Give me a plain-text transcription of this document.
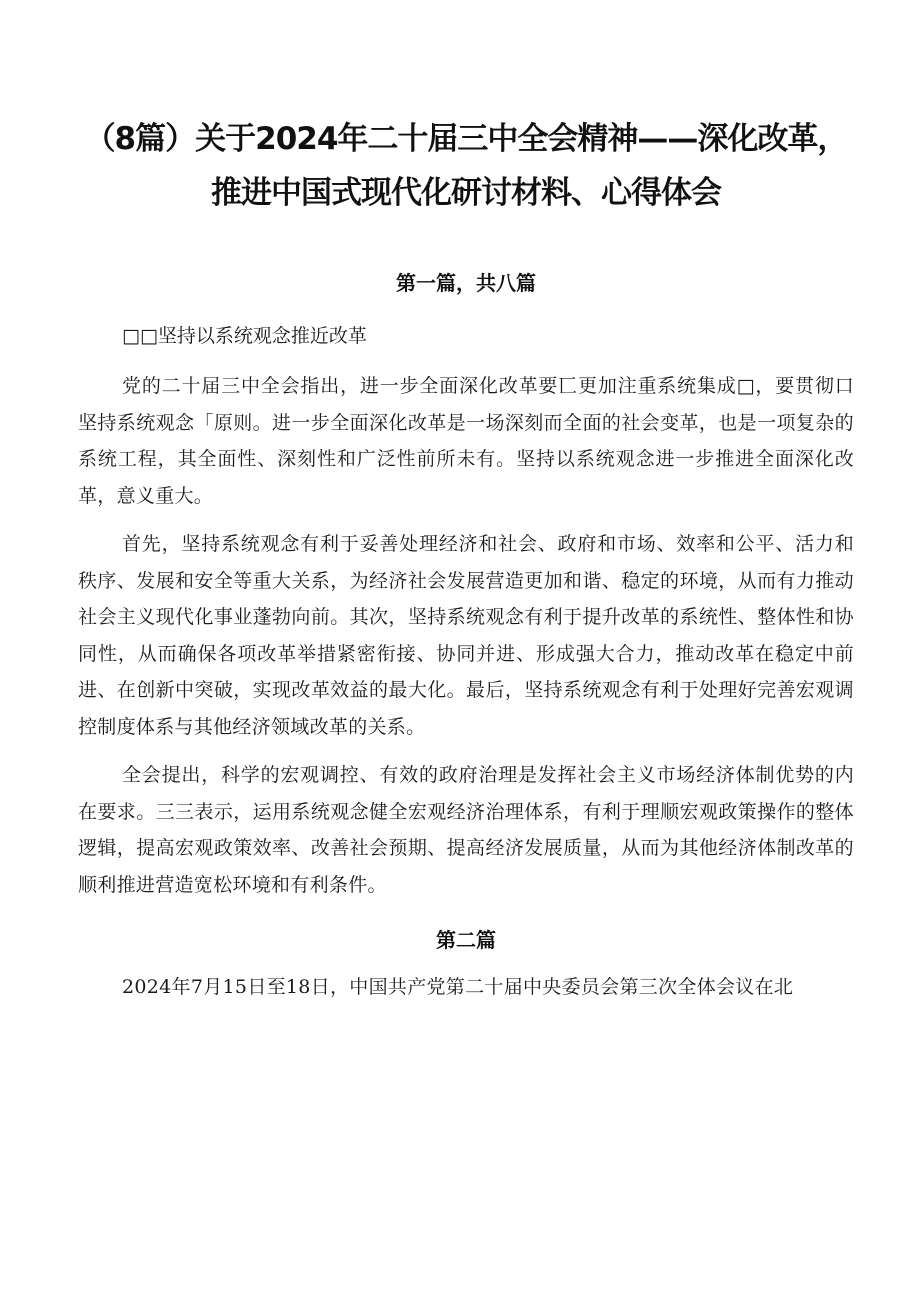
（8篇）关于2024年二十届三中全会精神——深化改革，推进中国式现代化研讨材料、心得体会
第一篇，共八篇

□□坚持以系统观念推近改革

党的二十届三中全会指出，进一步全面深化改革要匸更加注重系统集成□，要贯彻口坚持系统观念「原则。进一步全面深化改革是一场深刻而全面的社会变革，也是一项复杂的系统工程，其全面性、深刻性和广泛性前所未有。坚持以系统观念进一步推进全面深化改革，意义重大。

首先，坚持系统观念有利于妥善处理经济和社会、政府和市场、效率和公平、活力和秩序、发展和安全等重大关系，为经济社会发展营造更加和谐、稳定的环境，从而有力推动社会主义现代化事业蓬勃向前。其次，坚持系统观念有利于提升改革的系统性、整体性和协同性，从而确保各项改革举措紧密衔接、协同并进、形成强大合力，推动改革在稳定中前进、在创新中突破，实现改革效益的最大化。最后，坚持系统观念有利于处理好完善宏观调控制度体系与其他经济领域改革的关系。

全会提出，科学的宏观调控、有效的政府治理是发挥社会主义市场经济体制优势的内在要求。三三表示，运用系统观念健全宏观经济治理体系，有利于理顺宏观政策操作的整体逻辑，提高宏观政策效率、改善社会预期、提高经济发展质量，从而为其他经济体制改革的顺利推进营造宽松环境和有利条件。

第二篇

2024年7月15日至18日，中国共产党第二十届中央委员会第三次全体会议在北
